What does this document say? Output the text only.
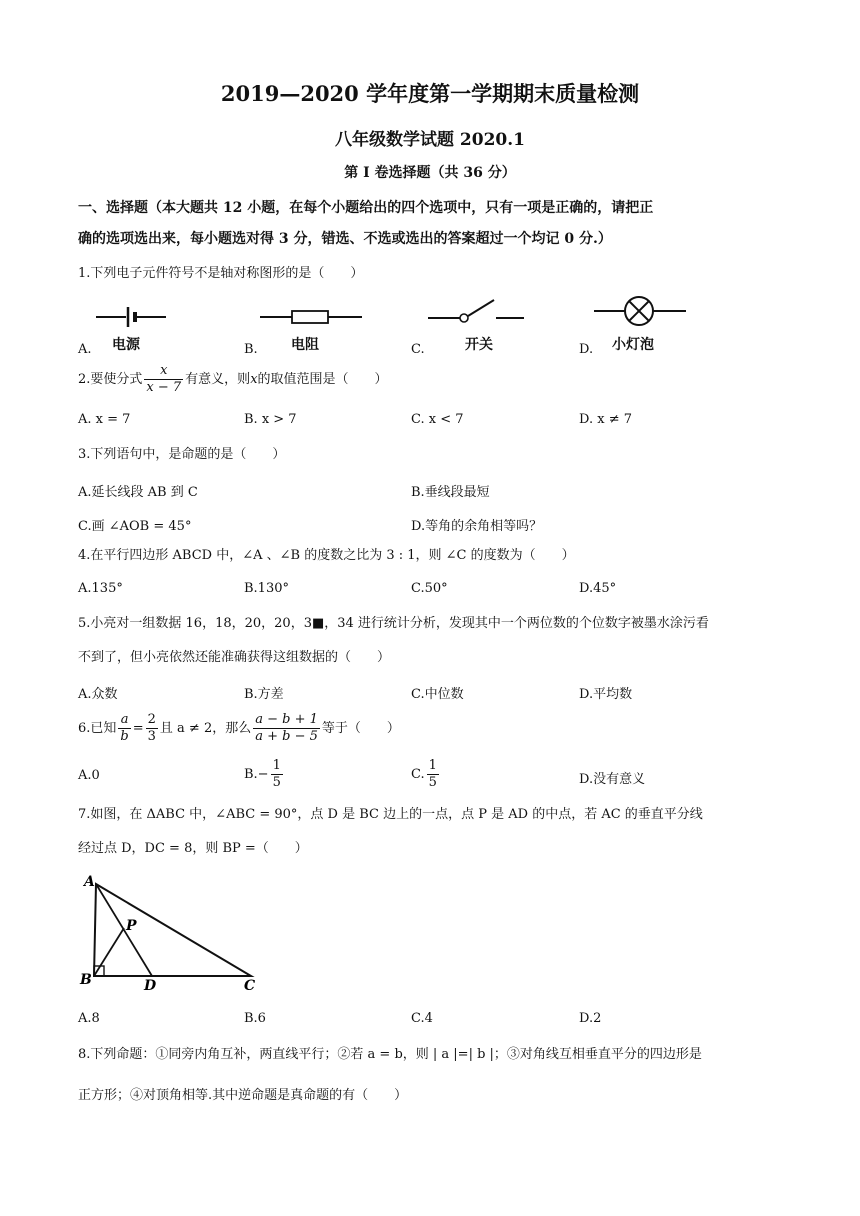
2019—2020 学年度第一学期期末质量检测
八年级数学试题 2020.1
第 I 卷选择题（共 36 分）
一、选择题（本大题共 12 小题，在每个小题给出的四个选项中，只有一项是正确的，请把正
确的选项选出来，每小题选对得 3 分，错选、不选或选出的答案超过一个均记 0 分.）
1.下列电子元件符号不是轴对称图形的是（　　）
A. 电源	B. 电阻	C.	开关	D. 小灯泡
2.要使分式 $\frac{x}{x - 7}$ 有意义，则x的取值范围是（　　）
A. x = 7	B. x > 7	C. x < 7	D. x ≠ 7
3.下列语句中，是命题的是（　　）
A.延长线段 AB 到 C	B.垂线段最短
C.画 ∠AOB = 45°	D.等角的余角相等吗？
4.在平行四边形 ABCD 中，∠A 、∠B 的度数之比为 3 : 1，则 ∠C 的度数为（　　）
A.135°	B.130°	C.50°	D.45°
5.小亮对一组数据 16，18，20，20，3■，34 进行统计分析，发现其中一个两位数的个位数字被墨水涂污看
不到了，但小亮依然还能准确获得这组数据的（　　）
A.众数	B.方差	C.中位数	D.平均数
6.已知 $\frac{a}{b} = \frac{2}{3}$ 且 a ≠ 2，那么 $\frac{a - b + 1}{a + b - 5}$ 等于（　　）
A.0	$B.- \frac{1}{5}$	C. $\frac{1}{5}$	D.没有意义
7.如图，在 ΔABC 中，∠ABC = 90°，点 D 是 BC 边上的一点，点 P 是 AD 的中点，若 AC 的垂直平分线
经过点 D，DC = 8，则 BP =（　　）
A
P
B	D	C
A.8	B.6	C.4	D.2
8.下列命题：①同旁内角互补，两直线平行；②若 a = b，则 | a |=| b |；③对角线互相垂直平分的四边形是
正方形；④对顶角相等.其中逆命题是真命题的有（　　）
